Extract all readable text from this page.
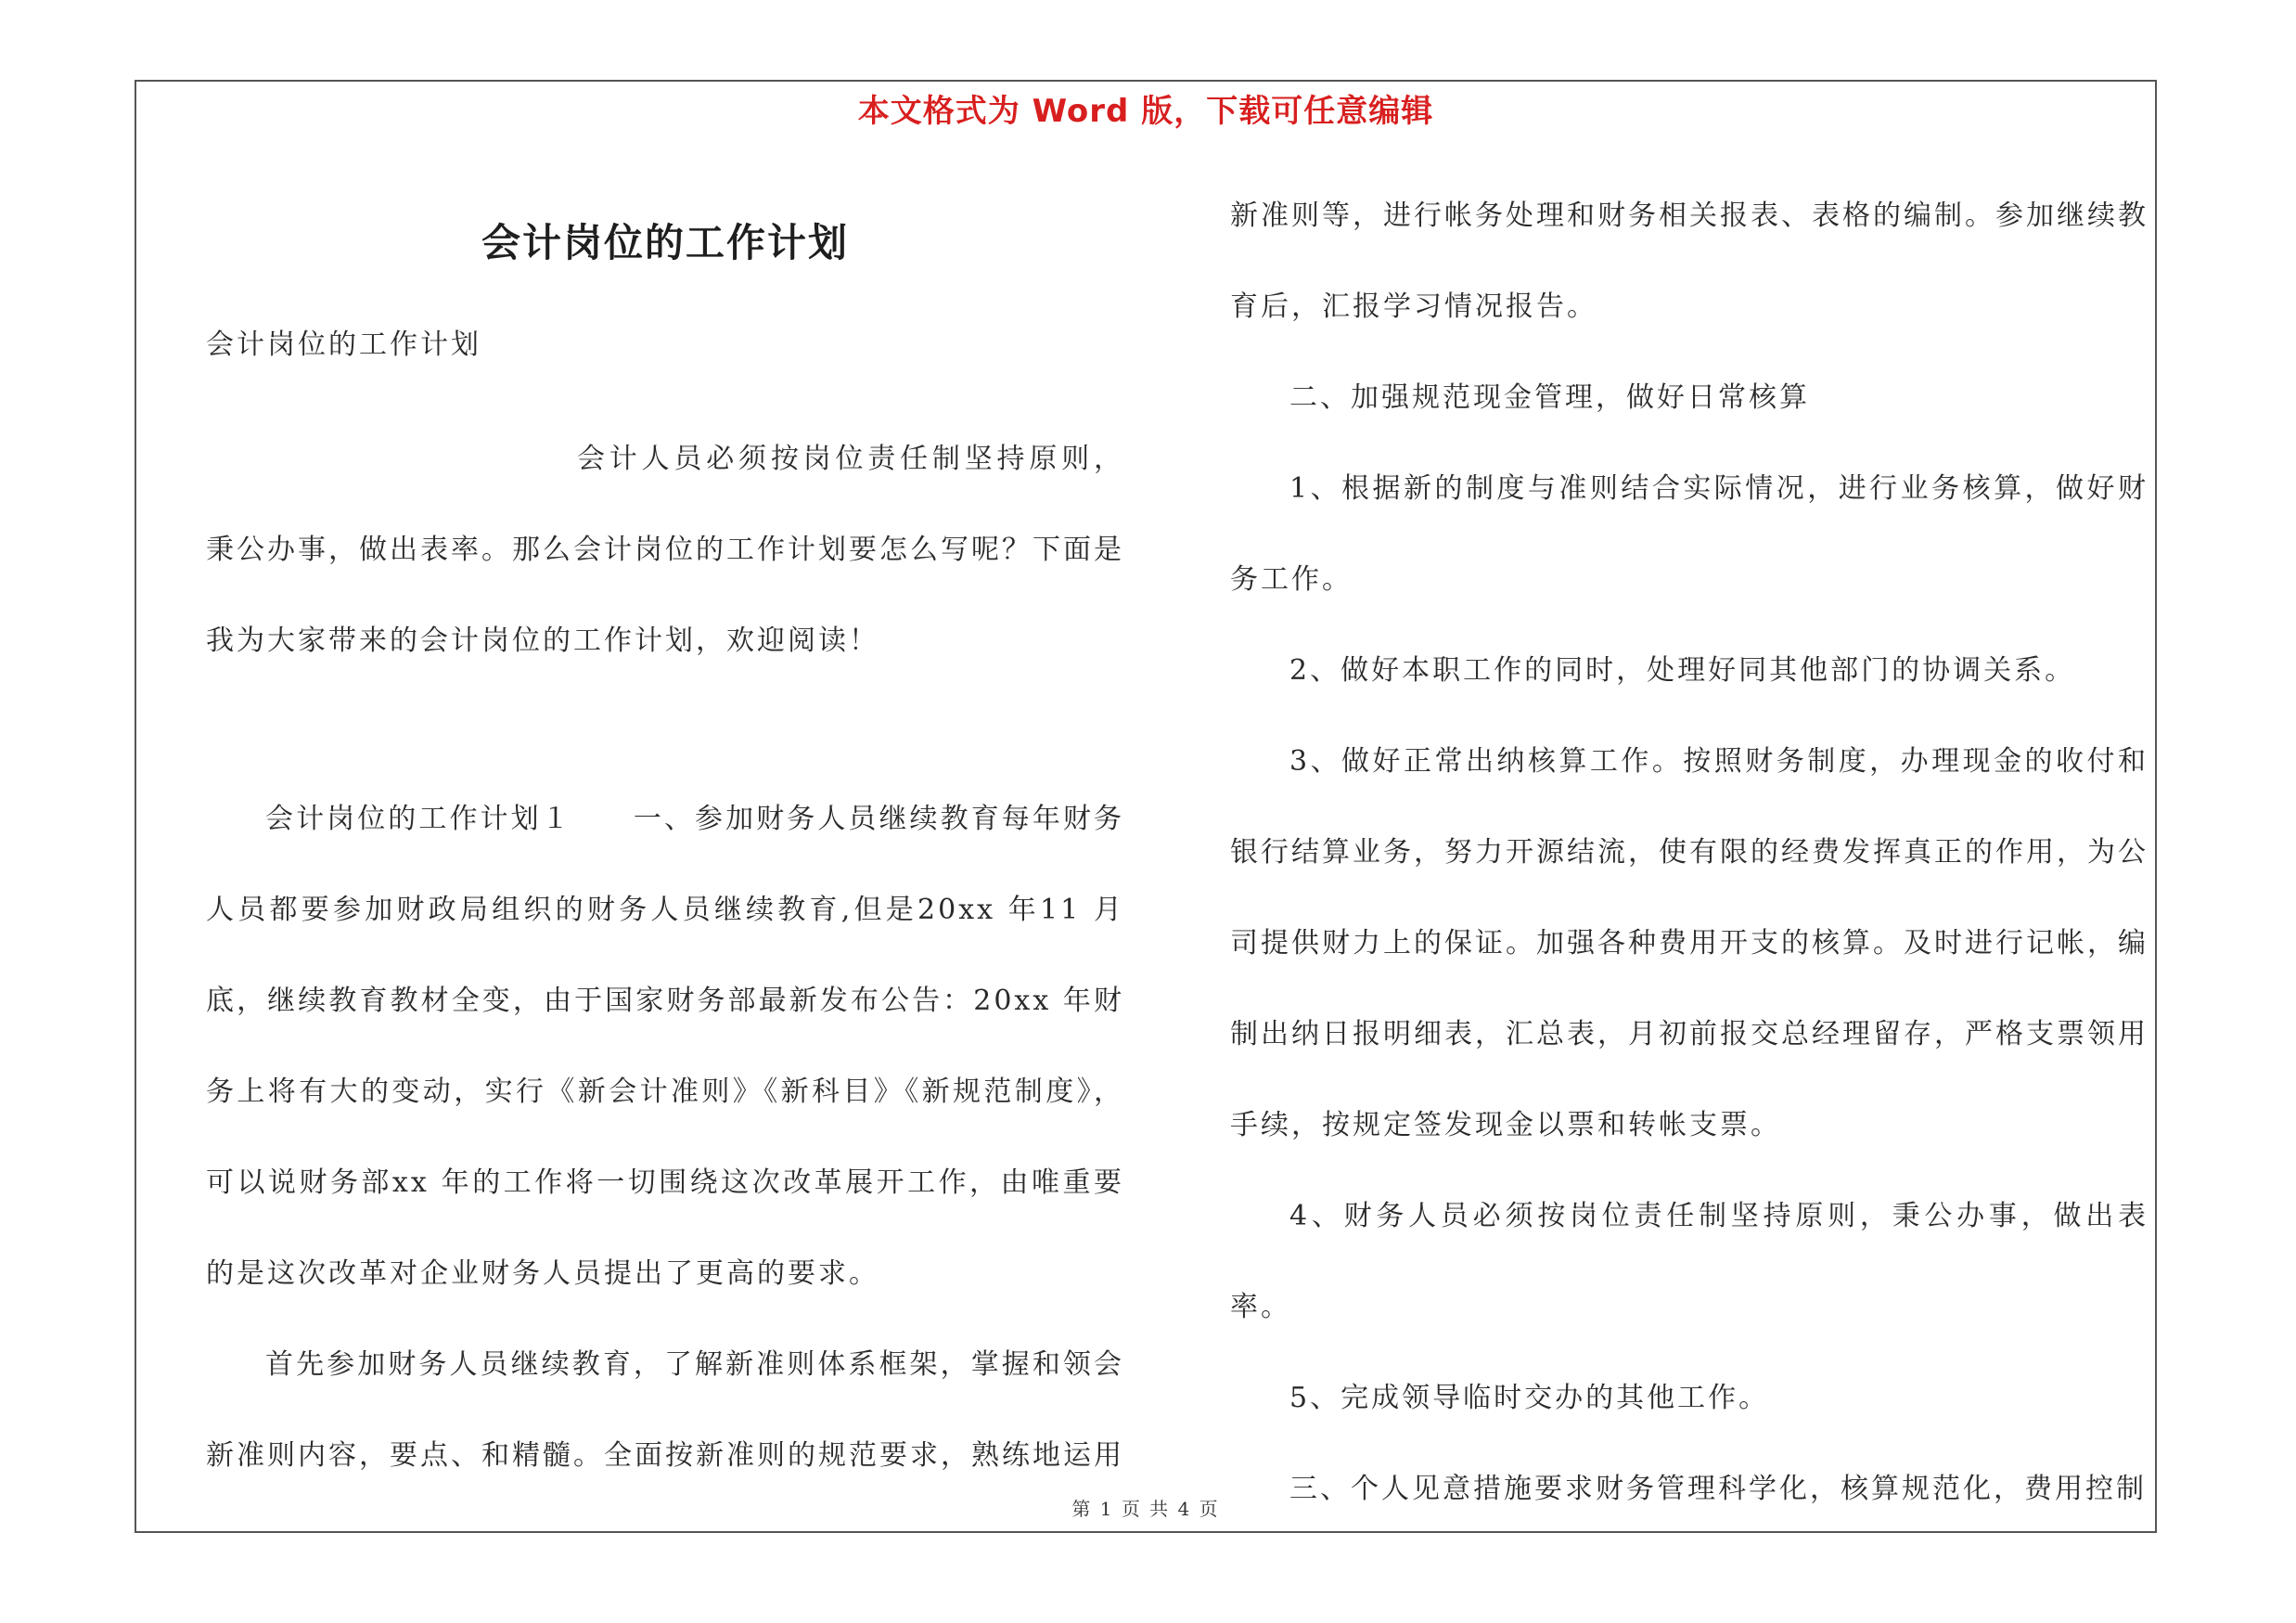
本文格式为 Word 版，下载可任意编辑
会计岗位的工作计划

会计岗位的工作计划

会计人员必须按岗位责任制坚持原则，秉公办事，做出表率。那么会计岗位的工作计划要怎么写呢？下面是我为大家带来的会计岗位的工作计划，欢迎阅读！

会计岗位的工作计划１　　一、参加财务人员继续教育每年财务人员都要参加财政局组织的财务人员继续教育,但是20xx 年11 月底，继续教育教材全变，由于国家财务部最新发布公告：20xx 年财务上将有大的变动，实行《新会计准则》《新科目》《新规范制度》，可以说财务部xx 年的工作将一切围绕这次改革展开工作，由唯重要的是这次改革对企业财务人员提出了更高的要求。

首先参加财务人员继续教育，了解新准则体系框架，掌握和领会新准则内容，要点、和精髓。全面按新准则的规范要求，熟练地运用

新准则等，进行帐务处理和财务相关报表、表格的编制。参加继续教育后，汇报学习情况报告。

二、加强规范现金管理，做好日常核算

1、根据新的制度与准则结合实际情况，进行业务核算，做好财务工作。

2、做好本职工作的同时，处理好同其他部门的协调关系。

3、做好正常出纳核算工作。按照财务制度，办理现金的收付和银行结算业务，努力开源结流，使有限的经费发挥真正的作用，为公司提供财力上的保证。加强各种费用开支的核算。及时进行记帐，编制出纳日报明细表，汇总表，月初前报交总经理留存，严格支票领用手续，按规定签发现金以票和转帐支票。

4、财务人员必须按岗位责任制坚持原则，秉公办事，做出表率。

5、完成领导临时交办的其他工作。

三、个人见意措施要求财务管理科学化，核算规范化，费用控制

第 1 页 共 4 页
